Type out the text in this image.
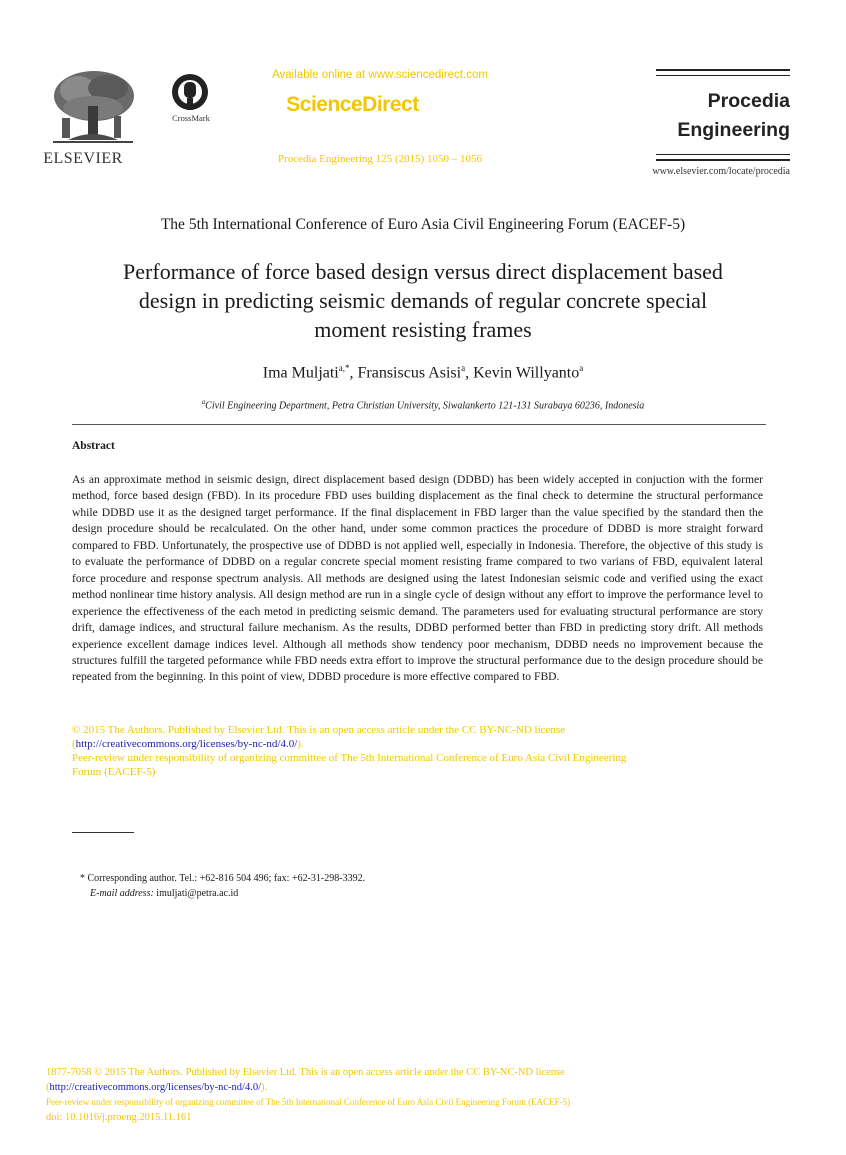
ELSEVIER
CrossMark
Available online at www.sciencedirect.com
ScienceDirect
Procedia Engineering 125 (2015) 1050 – 1056
Procedia
Engineering
www.elsevier.com/locate/procedia
The 5th International Conference of Euro Asia Civil Engineering Forum (EACEF-5)
Performance of force based design versus direct displacement based
design in predicting seismic demands of regular concrete special
moment resisting frames
Ima Muljati$^{a,*}$, Fransiscus Asisi$^a$, Kevin Willyanto$^a$
$^a$Civil Engineering Department, Petra Christian University, Siwalankerto 121-131 Surabaya 60236, Indonesia
Abstract
As an approximate method in seismic design, direct displacement based design (DDBD) has been widely accepted in conjuction with the former method, force based design (FBD). In its procedure FBD uses building displacement as the final check to determine the structural performance while DDBD use it as the designed target performance. If the final displacement in FBD larger than the value specified by the standard then the design procedure should be recalculated. On the other hand, under some common practices the procedure of DDBD is more straight forward compared to FBD. Unfortunately, the prospective use of DDBD is not applied well, especially in Indonesia. Therefore, the objective of this study is to evaluate the performance of DDBD on a regular concrete special moment resisting frame compared to two varians of FBD, equivalent lateral force procedure and response spectrum analysis. All methods are designed using the latest Indonesian seismic code and verified using the exact method nonlinear time history analysis. All design method are run in a single cycle of design without any effort to improve the performance level to experience the effectiveness of the each metod in predicting seismic demand. The parameters used for evaluating structural performance are story drift, damage indices, and structural failure mechanism. As the results, DDBD performed better than FBD in predicting story drift. All methods experience excellent damage indices level. Although all methods show tendency poor mechanism, DDBD needs no improvement because the structures fulfill the targeted peformance while FBD needs extra effort to improve the structural performance due to the design procedure should be repeated from the beginning. In this point of view, DDBD procedure is more effective compared to FBD.
© 2015 The Authors. Published by Elsevier Ltd. This is an open access article under the CC BY-NC-ND license
(http://creativecommons.org/licenses/by-nc-nd/4.0/).
Peer-review under responsibility of organizing committee of The 5th International Conference of Euro Asia Civil Engineering
Forum (EACEF-5)
* Corresponding author. Tel.: +62-816 504 496; fax: +62-31-298-3392.
E-mail address: imuljati@petra.ac.id
1877-7058 © 2015 The Authors. Published by Elsevier Ltd. This is an open access article under the CC BY-NC-ND license
(http://creativecommons.org/licenses/by-nc-nd/4.0/).
Peer-review under responsibility of organizing committee of The 5th International Conference of Euro Asia Civil Engineering Forum (EACEF-5)
doi: 10.1016/j.proeng.2015.11.161
